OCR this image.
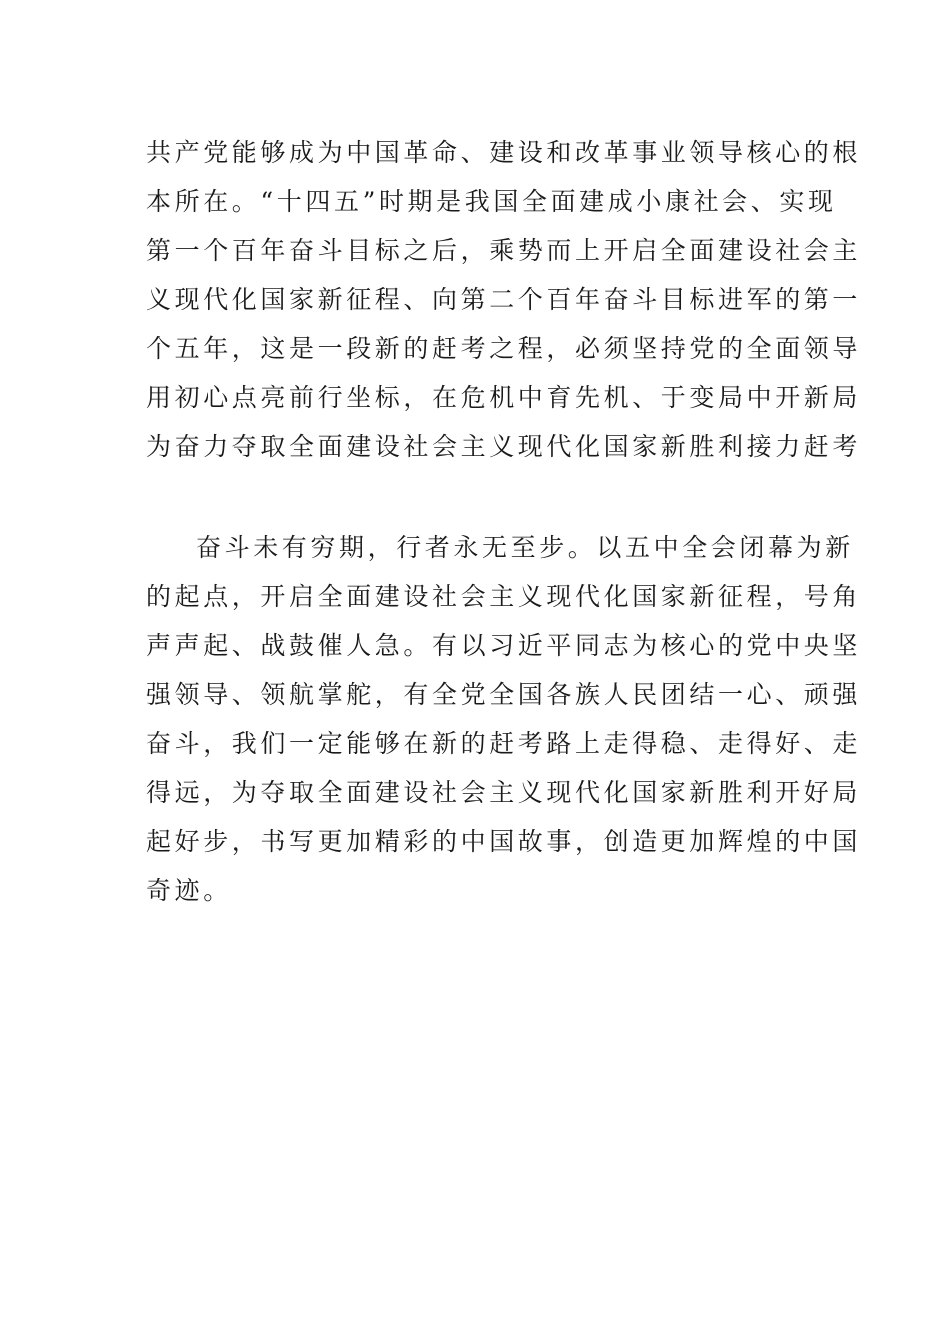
共产党能够成为中国革命、建设和改革事业领导核心的根
本所在。“十四五”时期是我国全面建成小康社会、实现
第一个百年奋斗目标之后，乘势而上开启全面建设社会主
义现代化国家新征程、向第二个百年奋斗目标进军的第一
个五年，这是一段新的赶考之程，必须坚持党的全面领导
用初心点亮前行坐标，在危机中育先机、于变局中开新局
为奋力夺取全面建设社会主义现代化国家新胜利接力赶考
奋斗未有穷期，行者永无至步。以五中全会闭幕为新
的起点，开启全面建设社会主义现代化国家新征程，号角
声声起、战鼓催人急。有以习近平同志为核心的党中央坚
强领导、领航掌舵，有全党全国各族人民团结一心、顽强
奋斗，我们一定能够在新的赶考路上走得稳、走得好、走
得远，为夺取全面建设社会主义现代化国家新胜利开好局
起好步，书写更加精彩的中国故事，创造更加辉煌的中国
奇迹。
